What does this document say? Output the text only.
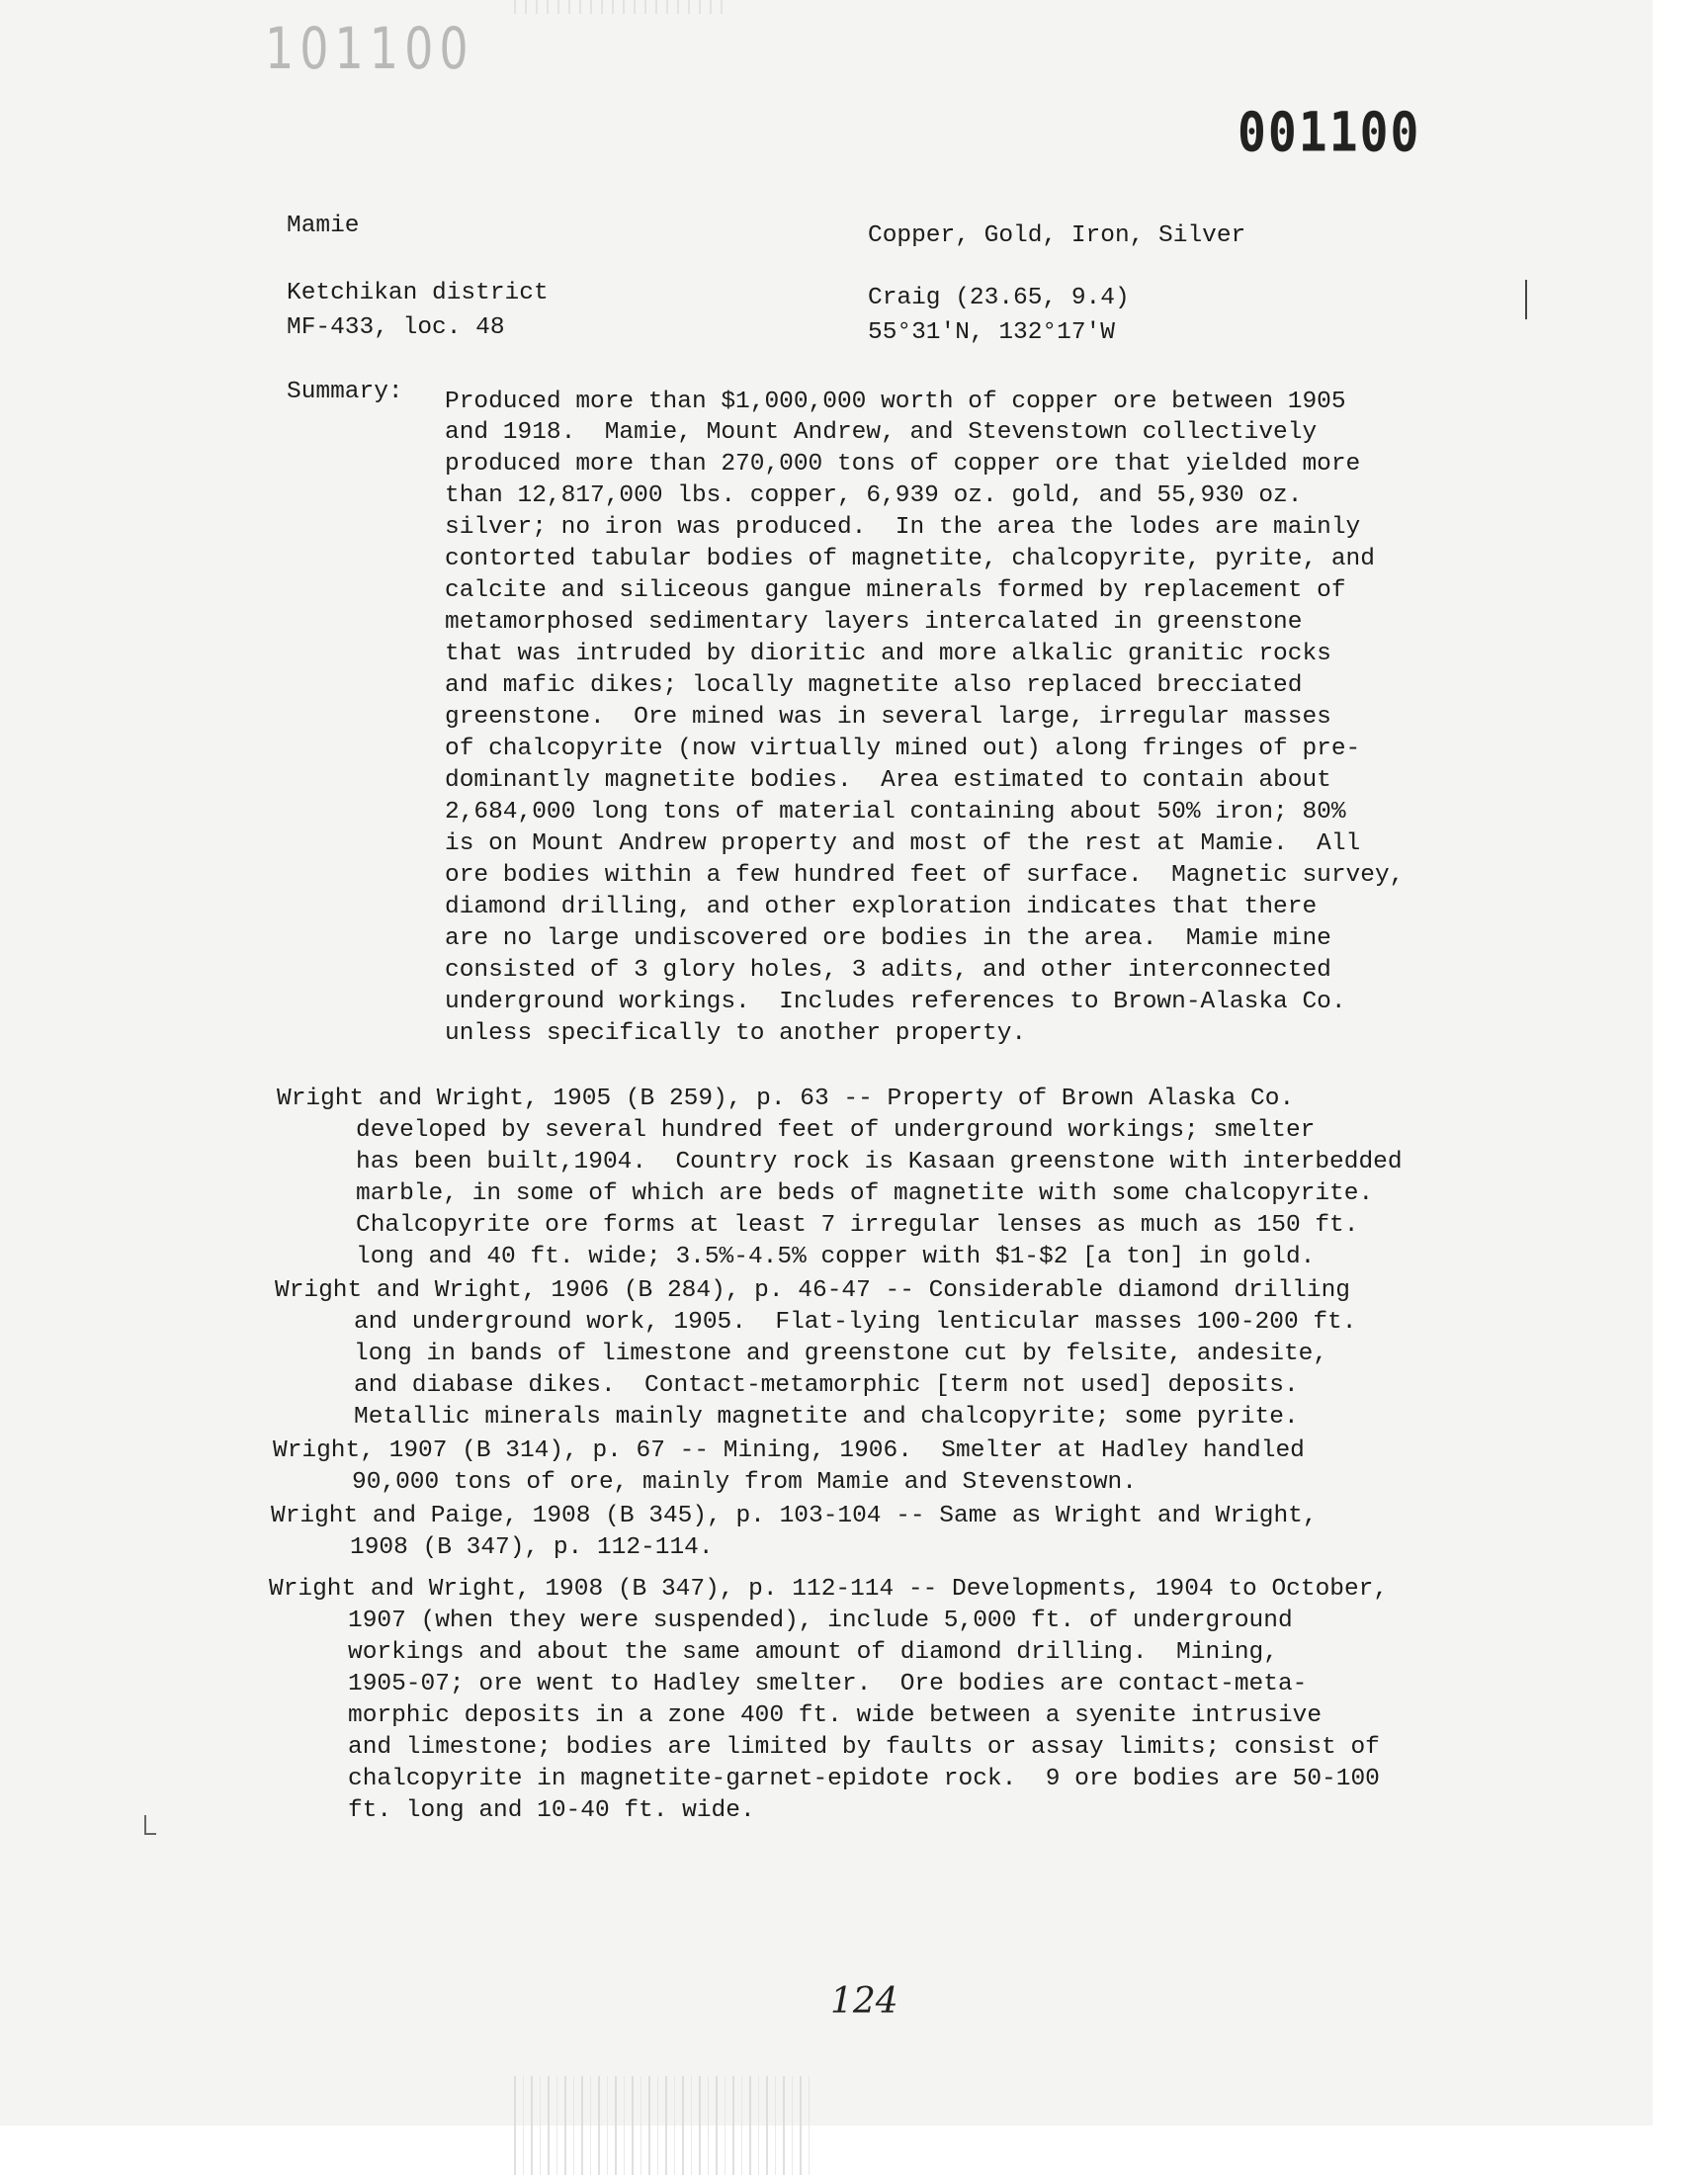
101100
001100
Mamie	Copper, Gold, Iron, Silver
Ketchikan district
MF-433, loc. 48
Craig (23.65, 9.4)
55°31'N, 132°17'W
Summary: Produced more than $1,000,000 worth of copper ore between 1905
and 1918.  Mamie, Mount Andrew, and Stevenstown collectively
produced more than 270,000 tons of copper ore that yielded more
than 12,817,000 lbs. copper, 6,939 oz. gold, and 55,930 oz.
silver; no iron was produced.  In the area the lodes are mainly
contorted tabular bodies of magnetite, chalcopyrite, pyrite, and
calcite and siliceous gangue minerals formed by replacement of
metamorphosed sedimentary layers intercalated in greenstone
that was intruded by dioritic and more alkalic granitic rocks
and mafic dikes; locally magnetite also replaced brecciated
greenstone.  Ore mined was in several large, irregular masses
of chalcopyrite (now virtually mined out) along fringes of pre-
dominantly magnetite bodies.  Area estimated to contain about
2,684,000 long tons of material containing about 50% iron; 80%
is on Mount Andrew property and most of the rest at Mamie.  All
ore bodies within a few hundred feet of surface.  Magnetic survey,
diamond drilling, and other exploration indicates that there
are no large undiscovered ore bodies in the area.  Mamie mine
consisted of 3 glory holes, 3 adits, and other interconnected
underground workings.  Includes references to Brown-Alaska Co.
unless specifically to another property.
Wright and Wright, 1905 (B 259), p. 63 -- Property of Brown Alaska Co.
developed by several hundred feet of underground workings; smelter
has been built,1904.  Country rock is Kasaan greenstone with interbedded
marble, in some of which are beds of magnetite with some chalcopyrite.
Chalcopyrite ore forms at least 7 irregular lenses as much as 150 ft.
long and 40 ft. wide; 3.5%-4.5% copper with $1-$2 [a ton] in gold.
Wright and Wright, 1906 (B 284), p. 46-47 -- Considerable diamond drilling
and underground work, 1905.  Flat-lying lenticular masses 100-200 ft.
long in bands of limestone and greenstone cut by felsite, andesite,
and diabase dikes.  Contact-metamorphic [term not used] deposits.
Metallic minerals mainly magnetite and chalcopyrite; some pyrite.
Wright, 1907 (B 314), p. 67 -- Mining, 1906.  Smelter at Hadley handled
90,000 tons of ore, mainly from Mamie and Stevenstown.
Wright and Paige, 1908 (B 345), p. 103-104 -- Same as Wright and Wright,
1908 (B 347), p. 112-114.
Wright and Wright, 1908 (B 347), p. 112-114 -- Developments, 1904 to October,
1907 (when they were suspended), include 5,000 ft. of underground
workings and about the same amount of diamond drilling.  Mining,
1905-07; ore went to Hadley smelter.  Ore bodies are contact-meta-
morphic deposits in a zone 400 ft. wide between a syenite intrusive
and limestone; bodies are limited by faults or assay limits; consist of
chalcopyrite in magnetite-garnet-epidote rock.  9 ore bodies are 50-100
ft. long and 10-40 ft. wide.
124
